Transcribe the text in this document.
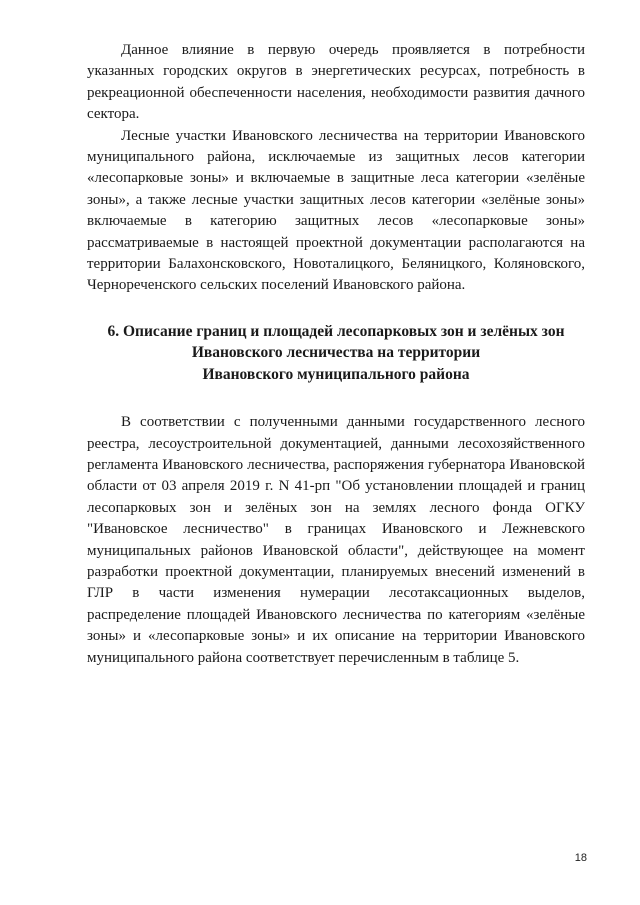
Данное влияние в первую очередь проявляется в потребности указанных городских округов в энергетических ресурсах, потребность в рекреационной обеспеченности населения, необходимости развития дачного сектора.

Лесные участки Ивановского лесничества на территории Ивановского муниципального района, исключаемые из защитных лесов категории «лесопарковые зоны» и включаемые в защитные леса категории «зелёные зоны», а также лесные участки защитных лесов категории «зелёные зоны» включаемые в категорию защитных лесов «лесопарковые зоны» рассматриваемые в настоящей проектной документации располагаются на территории Балахонсковского, Новоталицкого, Беляницкого, Коляновского, Чернореченского сельских поселений Ивановского района.

6. Описание границ и площадей лесопарковых зон и зелёных зон
Ивановского лесничества на территории
Ивановского муниципального района

В соответствии с полученными данными государственного лесного реестра, лесоустроительной документацией, данными лесохозяйственного регламента Ивановского лесничества, распоряжения губернатора Ивановской области от 03 апреля 2019 г. N 41-рп "Об установлении площадей и границ лесопарковых зон и зелёных зон на землях лесного фонда ОГКУ "Ивановское лесничество" в границах Ивановского и Лежневского муниципальных районов Ивановской области", действующее на момент разработки проектной документации, планируемых внесений изменений в ГЛР в части изменения нумерации лесотаксационных выделов, распределение площадей Ивановского лесничества по категориям «зелёные зоны» и «лесопарковые зоны» и их описание на территории Ивановского муниципального района соответствует перечисленным в таблице 5.

18
